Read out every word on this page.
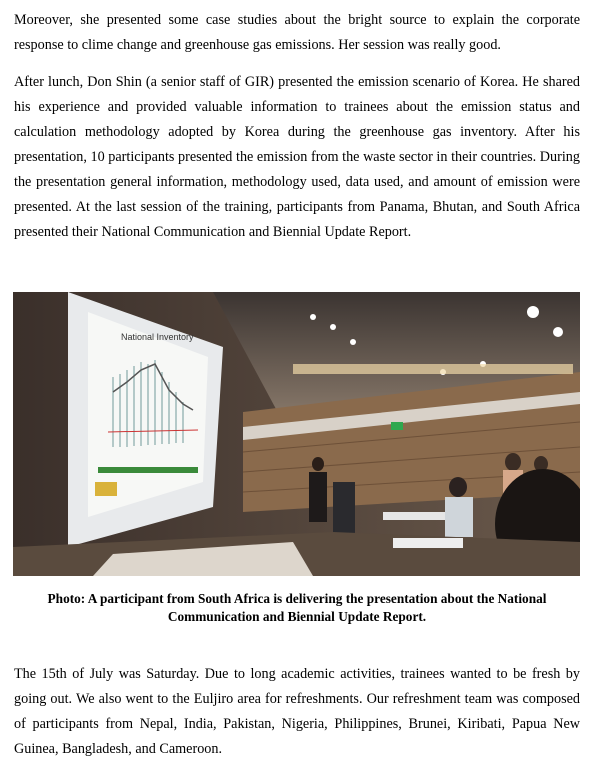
Moreover, she presented some case studies about the bright source to explain the corporate response to clime change and greenhouse gas emissions. Her session was really good.

After lunch, Don Shin (a senior staff of GIR) presented the emission scenario of Korea. He shared his experience and provided valuable information to trainees about the emission status and calculation methodology adopted by Korea during the greenhouse gas inventory. After his presentation, 10 participants presented the emission from the waste sector in their countries. During the presentation general information, methodology used, data used, and amount of emission were presented. At the last session of the training, participants from Panama, Bhutan, and South Africa presented their National Communication and Biennial Update Report.

National Inventory
Photo: A participant from South Africa is delivering the presentation about the National Communication and Biennial Update Report.

The 15th of July was Saturday. Due to long academic activities, trainees wanted to be fresh by going out. We also went to the Euljiro area for refreshments. Our refreshment team was composed of participants from Nepal, India, Pakistan, Nigeria, Philippines, Brunei, Kiribati, Papua New Guinea, Bangladesh, and Cameroon.
